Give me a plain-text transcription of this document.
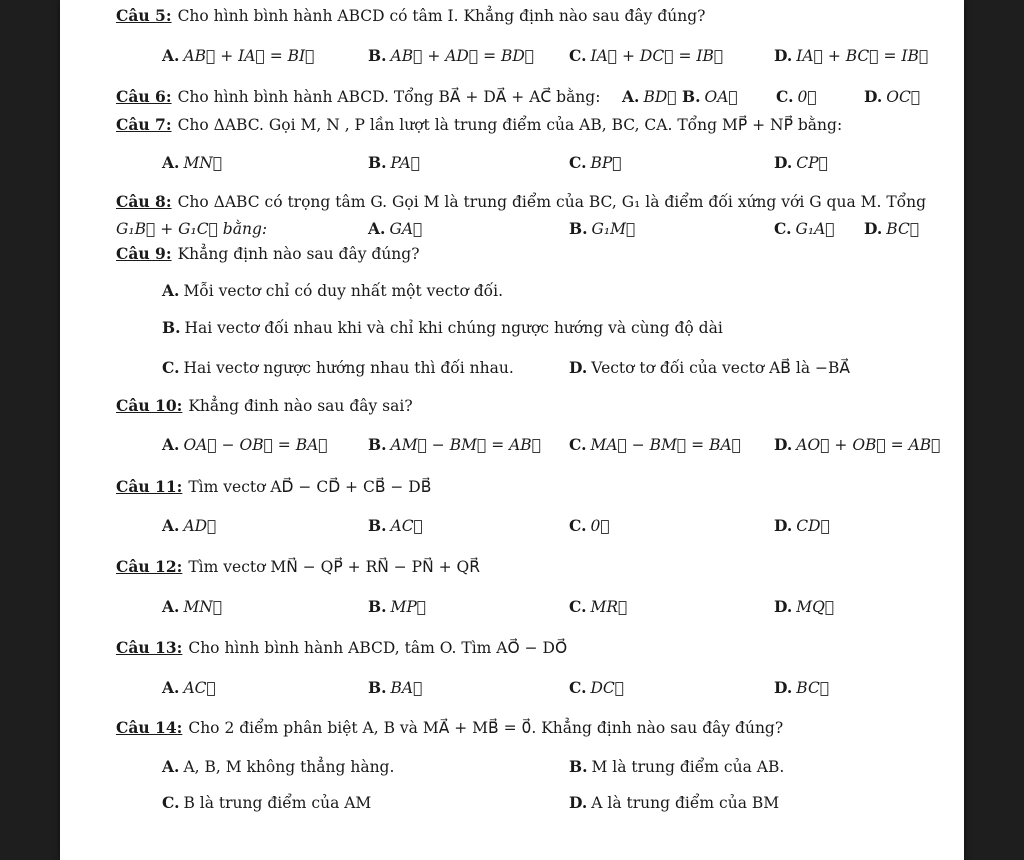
Câu 5: Cho hình bình hành ABCD có tâm I. Khẳng định nào sau đây đúng?
A. AB⃗ + IA⃗ = BI⃗	B. AB⃗ + AD⃗ = BD⃗ C. IA⃗ + DC⃗ = IB⃗	D. IA⃗ + BC⃗ = IB⃗
Câu 6: Cho hình bình hành ABCD. Tổng BA⃗ + DA⃗ + AC⃗ bằng: A. BD⃗ B. OA⃗ C. 0⃗	D. OC⃗
Câu 7: Cho ΔABC. Gọi M, N , P lần lượt là trung điểm của AB, BC, CA. Tổng MP⃗ + NP⃗ bằng:
A. MN⃗	B. PA⃗	C. BP⃗	D. CP⃗
Câu 8: Cho ΔABC có trọng tâm G. Gọi M là trung điểm của BC, G₁ là điểm đối xứng với G qua M. Tổng
G₁B⃗ + G₁C⃗ bằng:	A. GA⃗	B. G₁M⃗	C. G₁A⃗ D. BC⃗
Câu 9: Khẳng định nào sau đây đúng?
A. Mỗi vectơ chỉ có duy nhất một vectơ đối.
B. Hai vectơ đối nhau khi và chỉ khi chúng ngược hướng và cùng độ dài
C. Hai vectơ ngược hướng nhau thì đối nhau.	D. Vectơ tơ đối của vectơ AB⃗ là −BA⃗
Câu 10: Khẳng đinh nào sau đây sai?
A. OA⃗ − OB⃗ = BA⃗	B. AM⃗ − BM⃗ = AB⃗ C. MA⃗ − BM⃗ = BA⃗ D. AO⃗ + OB⃗ = AB⃗
Câu 11: Tìm vectơ AD⃗ − CD⃗ + CB⃗ − DB⃗
A. AD⃗	B. AC⃗	C. 0⃗	D. CD⃗
Câu 12: Tìm vectơ MN⃗ − QP⃗ + RN⃗ − PN⃗ + QR⃗
A. MN⃗	B. MP⃗	C. MR⃗	D. MQ⃗
Câu 13: Cho hình bình hành ABCD, tâm O. Tìm AO⃗ − DO⃗
A. AC⃗	B. BA⃗	C. DC⃗	D. BC⃗
Câu 14: Cho 2 điểm phân biệt A, B và MA⃗ + MB⃗ = 0⃗. Khẳng định nào sau đây đúng?
A. A, B, M không thẳng hàng.	B. M là trung điểm của AB.
C. B là trung điểm của AM	D. A là trung điểm của BM
